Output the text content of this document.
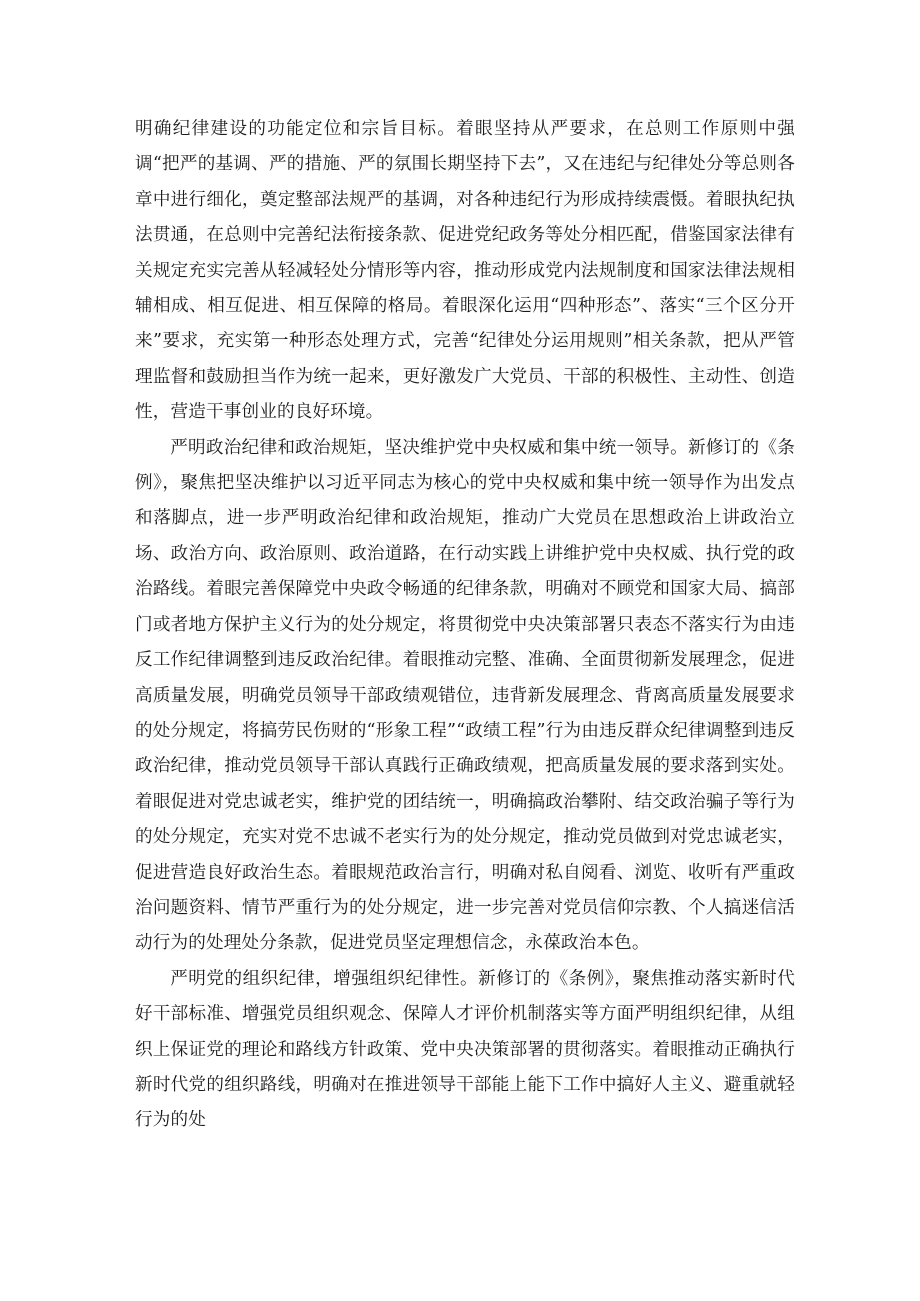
明确纪律建设的功能定位和宗旨目标。着眼坚持从严要求，在总则工作原则中强调“把严的基调、严的措施、严的氛围长期坚持下去”，又在违纪与纪律处分等总则各章中进行细化，奠定整部法规严的基调，对各种违纪行为形成持续震慑。着眼执纪执法贯通，在总则中完善纪法衔接条款、促进党纪政务等处分相匹配，借鉴国家法律有关规定充实完善从轻减轻处分情形等内容，推动形成党内法规制度和国家法律法规相辅相成、相互促进、相互保障的格局。着眼深化运用“四种形态”、落实“三个区分开来”要求，充实第一种形态处理方式，完善“纪律处分运用规则”相关条款，把从严管理监督和鼓励担当作为统一起来，更好激发广大党员、干部的积极性、主动性、创造性，营造干事创业的良好环境。

严明政治纪律和政治规矩，坚决维护党中央权威和集中统一领导。新修订的《条例》，聚焦把坚决维护以习近平同志为核心的党中央权威和集中统一领导作为出发点和落脚点，进一步严明政治纪律和政治规矩，推动广大党员在思想政治上讲政治立场、政治方向、政治原则、政治道路，在行动实践上讲维护党中央权威、执行党的政治路线。着眼完善保障党中央政令畅通的纪律条款，明确对不顾党和国家大局、搞部门或者地方保护主义行为的处分规定，将贯彻党中央决策部署只表态不落实行为由违反工作纪律调整到违反政治纪律。着眼推动完整、准确、全面贯彻新发展理念，促进高质量发展，明确党员领导干部政绩观错位，违背新发展理念、背离高质量发展要求的处分规定，将搞劳民伤财的“形象工程”“政绩工程”行为由违反群众纪律调整到违反政治纪律，推动党员领导干部认真践行正确政绩观，把高质量发展的要求落到实处。着眼促进对党忠诚老实，维护党的团结统一，明确搞政治攀附、结交政治骗子等行为的处分规定，充实对党不忠诚不老实行为的处分规定，推动党员做到对党忠诚老实，促进营造良好政治生态。着眼规范政治言行，明确对私自阅看、浏览、收听有严重政治问题资料、情节严重行为的处分规定，进一步完善对党员信仰宗教、个人搞迷信活动行为的处理处分条款，促进党员坚定理想信念，永葆政治本色。

严明党的组织纪律，增强组织纪律性。新修订的《条例》，聚焦推动落实新时代好干部标准、增强党员组织观念、保障人才评价机制落实等方面严明组织纪律，从组织上保证党的理论和路线方针政策、党中央决策部署的贯彻落实。着眼推动正确执行新时代党的组织路线，明确对在推进领导干部能上能下工作中搞好人主义、避重就轻行为的处
